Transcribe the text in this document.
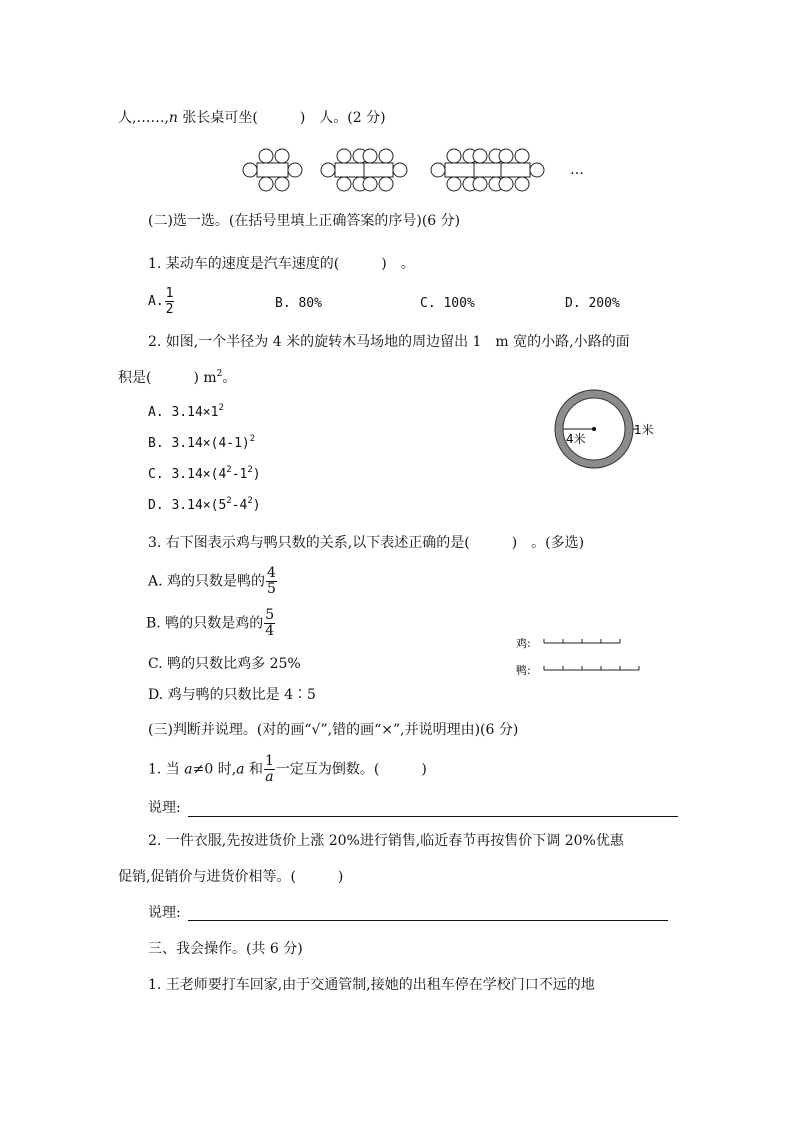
人,……,n 张长桌可坐(　　　)　人。(2 分)
…
(二)选一选。(在括号里填上正确答案的序号)(6 分)
1. 某动车的速度是汽车速度的(　　　)　。
A. $\frac{1}{2}$	B. 80%	C. 100%	D. 200%
2. 如图,一个半径为 4 米的旋转木马场地的周边留出 1　m 宽的小路,小路的面
积是(　　　) $m^2$。
A. $3.14\times 1^2$
B. $3.14\times(4-1)^2$
C. $3.14\times(4^2-1^2)$
D. $3.14\times(5^2-4^2)$
4米
1米
3. 右下图表示鸡与鸭只数的关系,以下表述正确的是(　　　)　。(多选)
A. 鸡的只数是鸭的 $\frac{4}{5}$
B. 鸭的只数是鸡的 $\frac{5}{4}$
C. 鸭的只数比鸡多 25%
D. 鸡与鸭的只数比是 4∶5
鸡:
鸭:
(三)判断并说理。(对的画“√”,错的画“×”,并说明理由)(6 分)
1. 当 a≠0 时,a 和 $\frac{1}{a}$ 一定互为倒数。(　　　)
说理:
2. 一件衣服,先按进货价上涨 20%进行销售,临近春节再按售价下调 20%优惠
促销,促销价与进货价相等。(　　　)
说理:
三、我会操作。(共 6 分)
1. 王老师要打车回家,由于交通管制,接她的出租车停在学校门口不远的地
